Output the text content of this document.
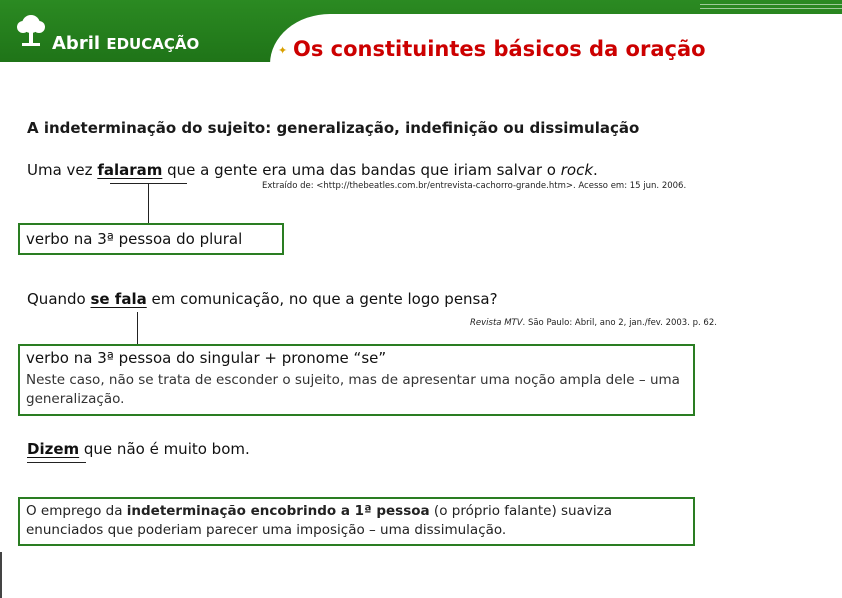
Abril EDUCAÇÃO	✦ Os constituintes básicos da oração
A indeterminação do sujeito: generalização, indefinição ou dissimulação
Uma vez falaram que a gente era uma das bandas que iriam salvar o rock.
Extraído de: <http://thebeatles.com.br/entrevista-cachorro-grande.htm>. Acesso em: 15 jun. 2006.
verbo na 3ª pessoa do plural
Quando se fala em comunicação, no que a gente logo pensa?
Revista MTV. São Paulo: Abril, ano 2, jan./fev. 2003. p. 62.
verbo na 3ª pessoa do singular + pronome “se”
Neste caso, não se trata de esconder o sujeito, mas de apresentar uma noção ampla dele – uma generalização.
Dizem que não é muito bom.
O emprego da indeterminação encobrindo a 1ª pessoa (o próprio falante) suaviza enunciados que poderiam parecer uma imposição – uma dissimulação.
